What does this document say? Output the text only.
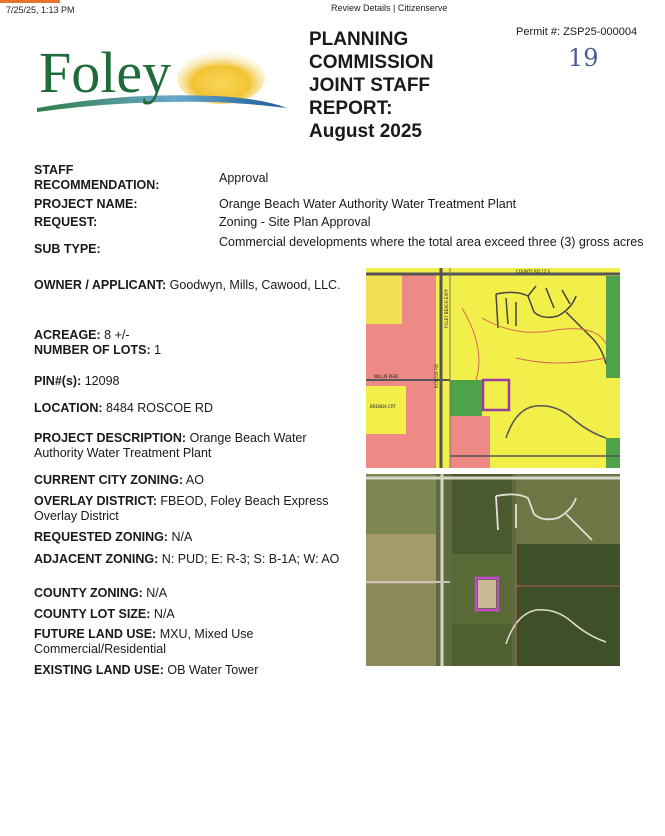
7/25/25, 1:13 PM	Review Details | Citizenserve
Foley
PLANNING
COMMISSION
JOINT STAFF
REPORT:
August 2025
Permit #: ZSP25-000004
19
STAFF
RECOMMENDATION:	Approval
PROJECT NAME:	Orange Beach Water Authority Water Treatment Plant
REQUEST:	Zoning - Site Plan Approval
SUB TYPE:	Commercial developments where the total area exceed three (3) gross acres
OWNER / APPLICANT: Goodwyn, Mills, Cawood, LLC.
ACREAGE: 8 +/-
NUMBER OF LOTS: 1
PIN#(s): 12098
LOCATION: 8484 ROSCOE RD
PROJECT DESCRIPTION: Orange Beach Water Authority Water Treatment Plant
CURRENT CITY ZONING: AO
OVERLAY DISTRICT: FBEOD, Foley Beach Express Overlay District
REQUESTED ZONING: N/A
ADJACENT ZONING: N: PUD; E: R-3; S: B-1A; W: AO
COUNTY ZONING: N/A
COUNTY LOT SIZE: N/A
FUTURE LAND USE: MXU, Mixed Use Commercial/Residential
EXISTING LAND USE: OB Water Tower
COUNTY RD 12 S
WILLIS PEEK
BRENDA CRT
ROSCOE RD
FOLEY BEACH EXPY
